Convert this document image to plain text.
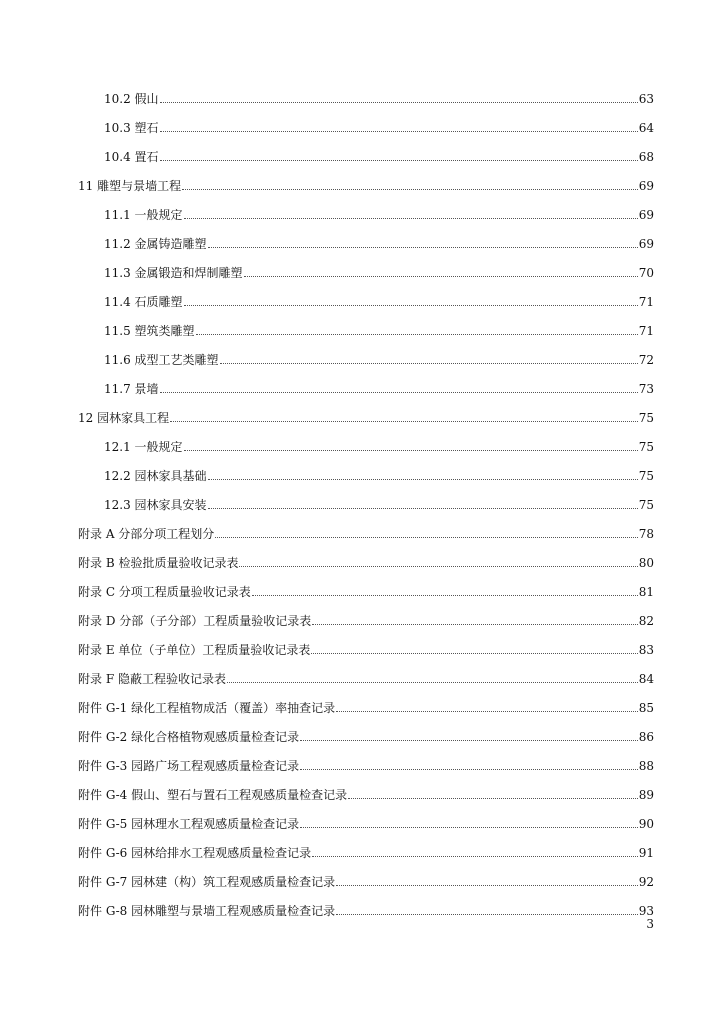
10.2 假山	63
10.3 塑石	64
10.4 置石	68
11 雕塑与景墙工程	69
11.1 一般规定	69
11.2 金属铸造雕塑	69
11.3 金属锻造和焊制雕塑	70
11.4 石质雕塑	71
11.5 塑筑类雕塑	71
11.6 成型工艺类雕塑	72
11.7 景墙	73
12 园林家具工程	75
12.1 一般规定	75
12.2 园林家具基础	75
12.3 园林家具安装	75
附录 A 分部分项工程划分	78
附录 B 检验批质量验收记录表	80
附录 C 分项工程质量验收记录表	81
附录 D 分部（子分部）工程质量验收记录表	82
附录 E 单位（子单位）工程质量验收记录表	83
附录 F 隐蔽工程验收记录表	84
附件 G-1 绿化工程植物成活（覆盖）率抽查记录	85
附件 G-2 绿化合格植物观感质量检查记录	86
附件 G-3 园路广场工程观感质量检查记录	88
附件 G-4 假山、塑石与置石工程观感质量检查记录	89
附件 G-5 园林理水工程观感质量检查记录	90
附件 G-6 园林给排水工程观感质量检查记录	91
附件 G-7 园林建（构）筑工程观感质量检查记录	92
附件 G-8 园林雕塑与景墙工程观感质量检查记录	93
3
